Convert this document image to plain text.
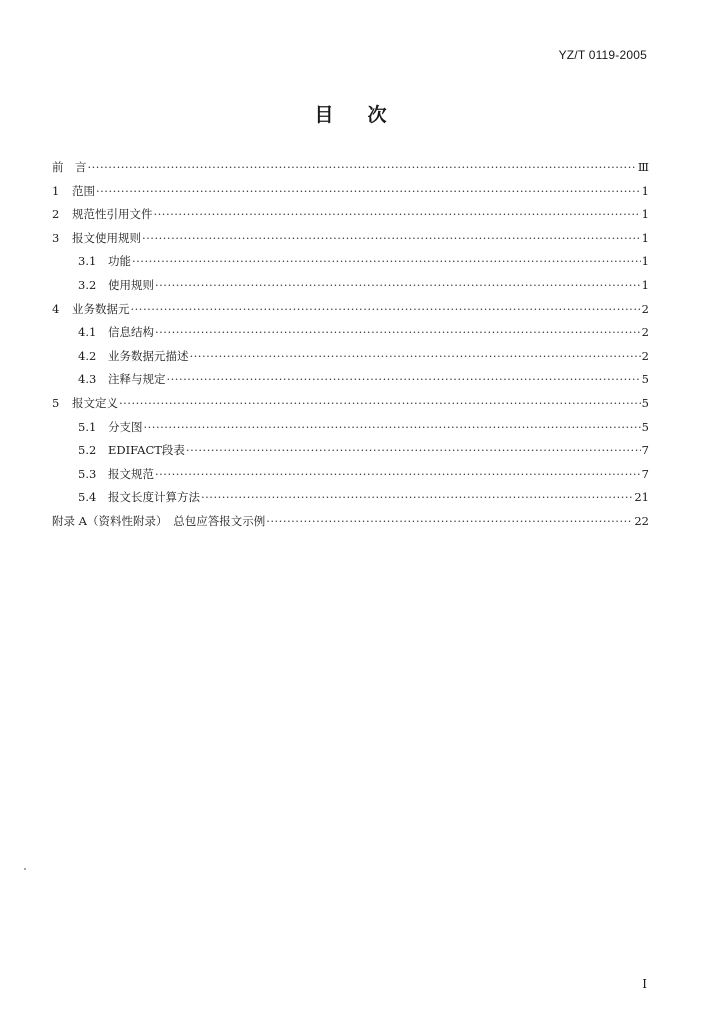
YZ/T 0119-2005
目次
前　言 ·····	Ⅲ
1	范围 ·····	1
2	规范性引用文件 ·····	1
3	报文使用规则 ·····	1
3.1	功能 ·····	1
3.2	使用规则 ·····	1
4	业务数据元 ·····	2
4.1	信息结构 ·····	2
4.2	业务数据元描述 ·····	2
4.3	注释与规定 ·····	5
5	报文定义 ·····	5
5.1	分支图 ·····	5
5.2	EDIFACT段表 ·····	7
5.3	报文规范 ·····	7
5.4	报文长度计算方法 ·····	21
附录 A（资料性附录）　总包应答报文示例 ·····	22
I
